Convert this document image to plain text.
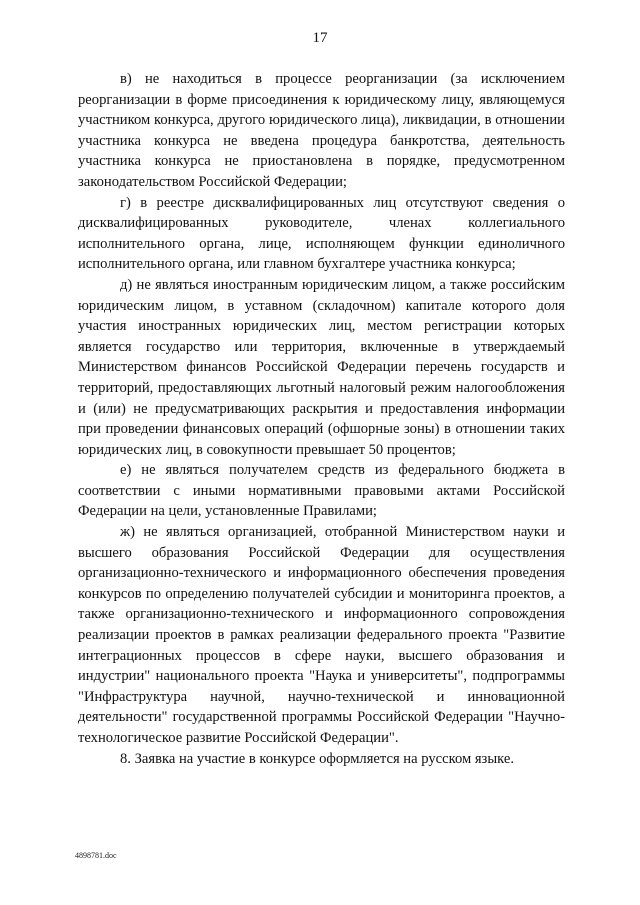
17

в) не находиться в процессе реорганизации (за исключением реорганизации в форме присоединения к юридическому лицу, являющемуся участником конкурса, другого юридического лица), ликвидации, в отношении участника конкурса не введена процедура банкротства, деятельность участника конкурса не приостановлена в порядке, предусмотренном законодательством Российской Федерации;

г) в реестре дисквалифицированных лиц отсутствуют сведения о дисквалифицированных руководителе, членах коллегиального исполнительного органа, лице, исполняющем функции единоличного исполнительного органа, или главном бухгалтере участника конкурса;

д) не являться иностранным юридическим лицом, а также российским юридическим лицом, в уставном (складочном) капитале которого доля участия иностранных юридических лиц, местом регистрации которых является государство или территория, включенные в утверждаемый Министерством финансов Российской Федерации перечень государств и территорий, предоставляющих льготный налоговый режим налогообложения и (или) не предусматривающих раскрытия и предоставления информации при проведении финансовых операций (офшорные зоны) в отношении таких юридических лиц, в совокупности превышает 50 процентов;

е) не являться получателем средств из федерального бюджета в соответствии с иными нормативными правовыми актами Российской Федерации на цели, установленные Правилами;

ж) не являться организацией, отобранной Министерством науки и высшего образования Российской Федерации для осуществления организационно-технического и информационного обеспечения проведения конкурсов по определению получателей субсидии и мониторинга проектов, а также организационно-технического и информационного сопровождения реализации проектов в рамках реализации федерального проекта "Развитие интеграционных процессов в сфере науки, высшего образования и индустрии" национального проекта "Наука и университеты", подпрограммы "Инфраструктура научной, научно-технической и инновационной деятельности" государственной программы Российской Федерации "Научно-технологическое развитие Российской Федерации".

8. Заявка на участие в конкурсе оформляется на русском языке.

4898781.doc
